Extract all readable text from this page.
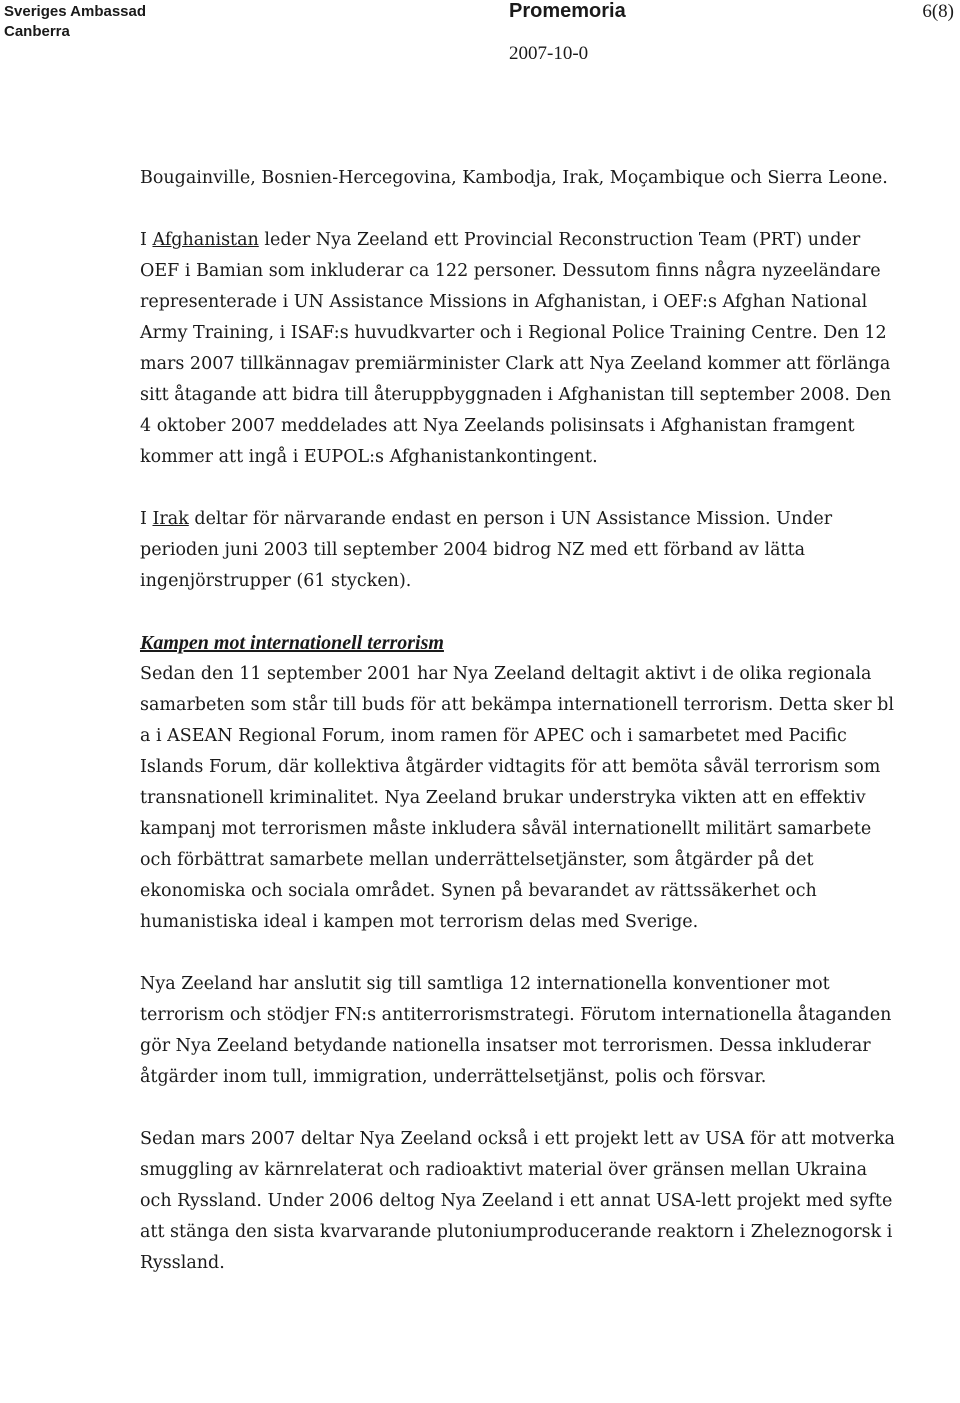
Sveriges Ambassad
Canberra
Promemoria	6(8)
2007-10-0

Bougainville, Bosnien-Hercegovina, Kambodja, Irak, Moçambique och Sierra Leone.

I Afghanistan leder Nya Zeeland ett Provincial Reconstruction Team (PRT) under OEF i Bamian som inkluderar ca 122 personer. Dessutom finns några nyzeeländare representerade i UN Assistance Missions in Afghanistan, i OEF:s Afghan National Army Training, i ISAF:s huvudkvarter och i Regional Police Training Centre. Den 12 mars 2007 tillkännagav premiärminister Clark att Nya Zeeland kommer att förlänga sitt åtagande att bidra till återuppbyggnaden i Afghanistan till september 2008. Den 4 oktober 2007 meddelades att Nya Zeelands polisinsats i Afghanistan framgent kommer att ingå i EUPOL:s Afghanistankontingent.

I Irak deltar för närvarande endast en person i UN Assistance Mission. Under perioden juni 2003 till september 2004 bidrog NZ med ett förband av lätta ingenjörstrupper (61 stycken).

Kampen mot internationell terrorism

Sedan den 11 september 2001 har Nya Zeeland deltagit aktivt i de olika regionala samarbeten som står till buds för att bekämpa internationell terrorism. Detta sker bl a i ASEAN Regional Forum, inom ramen för APEC och i samarbetet med Pacific Islands Forum, där kollektiva åtgärder vidtagits för att bemöta såväl terrorism som transnationell kriminalitet. Nya Zeeland brukar understryka vikten att en effektiv kampanj mot terrorismen måste inkludera såväl internationellt militärt samarbete och förbättrat samarbete mellan underrättelsetjänster, som åtgärder på det ekonomiska och sociala området. Synen på bevarandet av rättssäkerhet och humanistiska ideal i kampen mot terrorism delas med Sverige.

Nya Zeeland har anslutit sig till samtliga 12 internationella konventioner mot terrorism och stödjer FN:s antiterrorismstrategi. Förutom internationella åtaganden gör Nya Zeeland betydande nationella insatser mot terrorismen. Dessa inkluderar åtgärder inom tull, immigration, underrättelsetjänst, polis och försvar.

Sedan mars 2007 deltar Nya Zeeland också i ett projekt lett av USA för att motverka smuggling av kärnrelaterat och radioaktivt material över gränsen mellan Ukraina och Ryssland. Under 2006 deltog Nya Zeeland i ett annat USA-lett projekt med syfte att stänga den sista kvarvarande plutoniumproducerande reaktorn i Zheleznogorsk i Ryssland.
